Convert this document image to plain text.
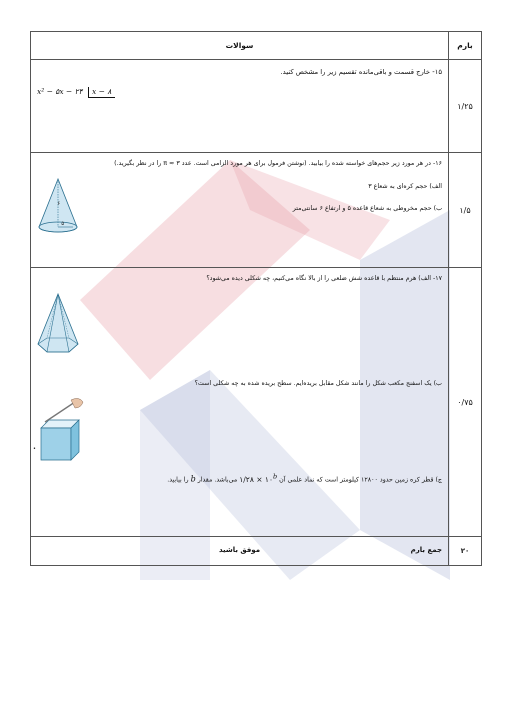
بارم	سوالات
۱/۲۵	۱۵- خارج قسمت و باقی‌مانده تقسیم زیر را مشخص کنید.
x² − ۵x − ۲۴ x − ۸

۱/۵	۱۶- در هر مورد زیر حجم‌های خواسته شده را بیابید. (نوشتن فرمول برای هر مورد الزامی است. عدد ۳ ≈ π را در نظر بگیرید.)
الف) حجم کره‌ای به شعاع ۳
ب) حجم مخروطی به شعاع قاعده ۵ و ارتفاع ۶ سانتی‌متر
۶
۵

۰/۷۵	۱۷- الف) هرم منتظم با قاعده شش ضلعی را از بالا نگاه می‌کنیم، چه شکلی دیده می‌شود؟
ب) یک اسفنج مکعب شکل را مانند شکل مقابل بریده‌ایم. سطح بریده شده به چه شکلی است؟
•
ج) قطر کره زمین حدود ۱۲۸۰۰ کیلومتر است که نماد علمی آن ۱/۲۸ × $۱۰^b$ می‌باشد. مقدار b را بیابید.

۲۰	جمع بارم
موفق باشید
